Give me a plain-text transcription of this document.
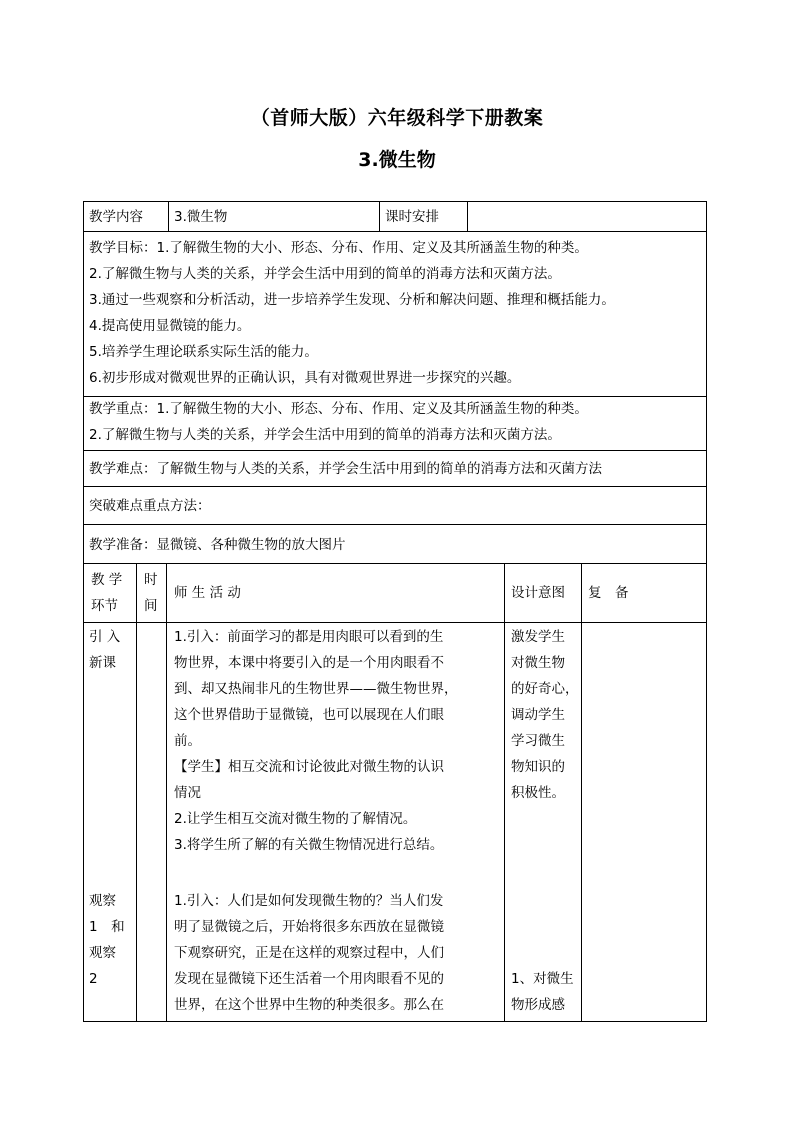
（首师大版）六年级科学下册教案
3.微生物
教学内容 3.微生物	课时安排
教学目标：1.了解微生物的大小、形态、分布、作用、定义及其所涵盖生物的种类。
2.了解微生物与人类的关系，并学会生活中用到的简单的消毒方法和灭菌方法。
3.通过一些观察和分析活动，进一步培养学生发现、分析和解决问题、推理和概括能力。
4.提高使用显微镜的能力。
5.培养学生理论联系实际生活的能力。
6.初步形成对微观世界的正确认识，具有对微观世界进一步探究的兴趣。
教学重点：1.了解微生物的大小、形态、分布、作用、定义及其所涵盖生物的种类。
2.了解微生物与人类的关系，并学会生活中用到的简单的消毒方法和灭菌方法。
教学难点：了解微生物与人类的关系，并学会生活中用到的简单的消毒方法和灭菌方法
突破难点重点方法：
教学准备：显微镜、各种微生物的放大图片
教 学
环节
时
间
师 生 活 动	设计意图 复　备
引 入
新课
1.引入：前面学习的都是用肉眼可以看到的生
物世界，本课中将要引入的是一个用肉眼看不
到、却又热闹非凡的生物世界——微生物世界，
这个世界借助于显微镜，也可以展现在人们眼
前。
【学生】相互交流和讨论彼此对微生物的认识
情况
2.让学生相互交流对微生物的了解情况。
3.将学生所了解的有关微生物情况进行总结。
激发学生
对微生物
的好奇心，
调动学生
学习微生
物知识的
积极性。
观察
1　和
观察
2
1.引入：人们是如何发现微生物的？当人们发
明了显微镜之后，开始将很多东西放在显微镜
下观察研究，正是在这样的观察过程中，人们
发现在显微镜下还生活着一个用肉眼看不见的
世界，在这个世界中生物的种类很多。那么在
1、对微生
物形成感
